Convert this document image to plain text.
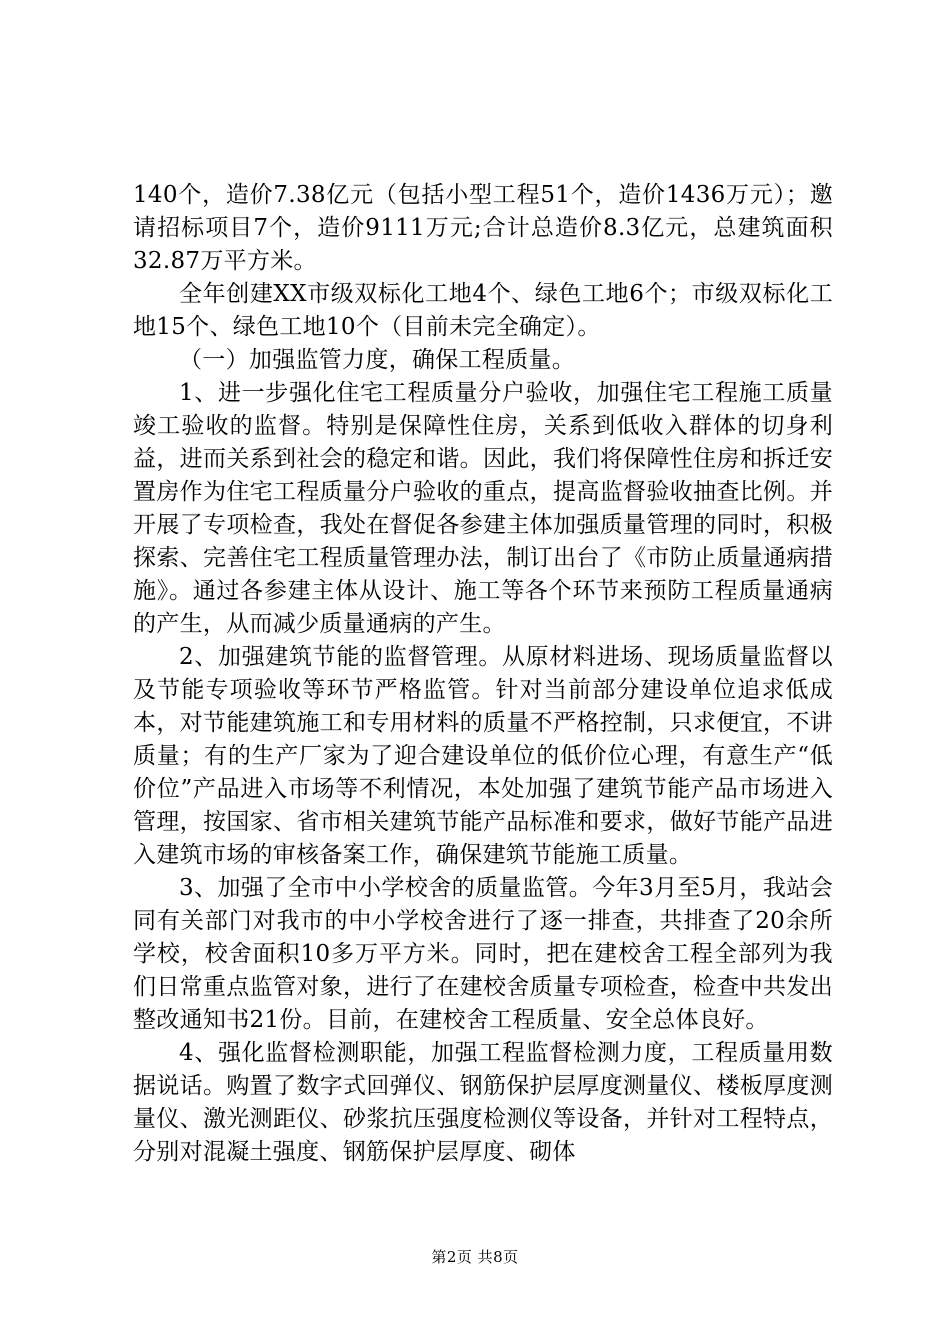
140个，造价7.38亿元（包括小型工程51个，造价1436万元）；邀请招标项目7个，造价9111万元;合计总造价8.3亿元，总建筑面积32.87万平方米。

全年创建XX市级双标化工地4个、绿色工地6个；市级双标化工地15个、绿色工地10个（目前未完全确定）。

（一）加强监管力度，确保工程质量。

1、进一步强化住宅工程质量分户验收，加强住宅工程施工质量竣工验收的监督。特别是保障性住房，关系到低收入群体的切身利益，进而关系到社会的稳定和谐。因此，我们将保障性住房和拆迁安置房作为住宅工程质量分户验收的重点，提高监督验收抽查比例。并开展了专项检查，我处在督促各参建主体加强质量管理的同时，积极探索、完善住宅工程质量管理办法，制订出台了《市防止质量通病措施》。通过各参建主体从设计、施工等各个环节来预防工程质量通病的产生，从而减少质量通病的产生。

2、加强建筑节能的监督管理。从原材料进场、现场质量监督以及节能专项验收等环节严格监管。针对当前部分建设单位追求低成本，对节能建筑施工和专用材料的质量不严格控制，只求便宜，不讲质量；有的生产厂家为了迎合建设单位的低价位心理，有意生产“低价位”产品进入市场等不利情况，本处加强了建筑节能产品市场进入管理，按国家、省市相关建筑节能产品标准和要求，做好节能产品进入建筑市场的审核备案工作，确保建筑节能施工质量。

3、加强了全市中小学校舍的质量监管。今年3月至5月，我站会同有关部门对我市的中小学校舍进行了逐一排查，共排查了20余所学校，校舍面积10多万平方米。同时，把在建校舍工程全部列为我们日常重点监管对象，进行了在建校舍质量专项检查，检查中共发出整改通知书21份。目前，在建校舍工程质量、安全总体良好。

4、强化监督检测职能，加强工程监督检测力度，工程质量用数据说话。购置了数字式回弹仪、钢筋保护层厚度测量仪、楼板厚度测量仪、激光测距仪、砂浆抗压强度检测仪等设备，并针对工程特点，分别对混凝土强度、钢筋保护层厚度、砌体

第2页 共8页
